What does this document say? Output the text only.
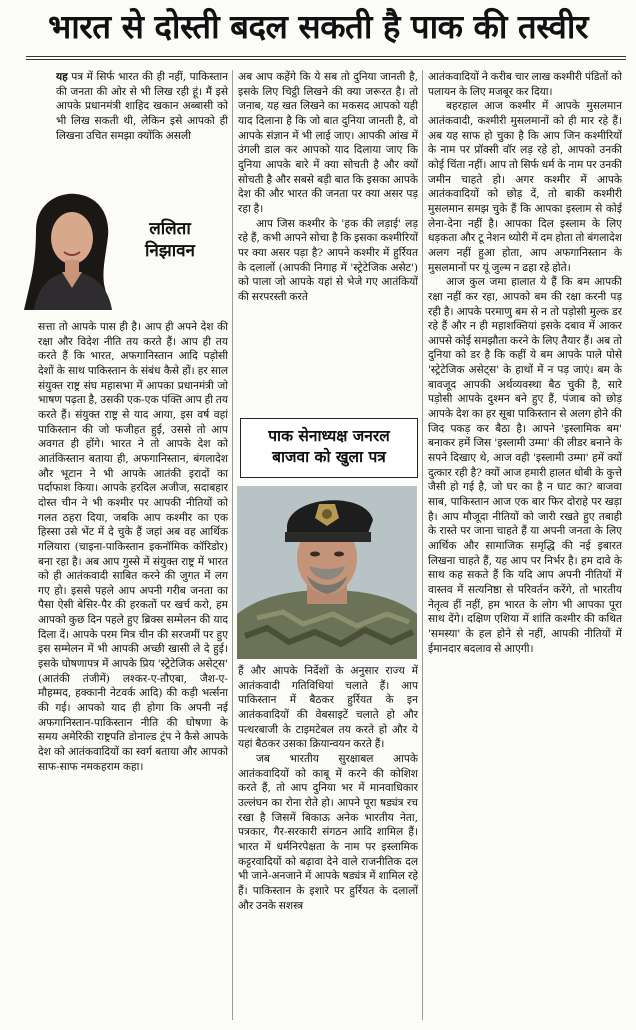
भारत से दोस्ती बदल सकती है पाक की तस्वीर

यह पत्र में सिर्फ भारत की ही नहीं, पाकिस्तान की जनता की ओर से भी लिख रही हूं। मैं इसे आपके प्रधानमंत्री शाहिद खकान अब्बासी को भी लिख सकती थी, लेकिन इसे आपको ही लिखना उचित समझा क्योंकि असली

ललिता
निझावन

सत्ता तो आपके पास ही है। आप ही अपने देश की रक्षा और विदेश नीति तय करते हैं। आप ही तय करते हैं कि भारत, अफगानिस्तान आदि पड़ोसी देशों के साथ पाकिस्तान के संबंध कैसे हों। हर साल संयुक्त राष्ट्र संघ महासभा में आपका प्रधानमंत्री जो भाषण पढ़ता है, उसकी एक-एक पंक्ति आप ही तय करते हैं। संयुक्त राष्ट्र से याद आया, इस वर्ष वहां पाकिस्तान की जो फजीहत हुई, उससे तो आप अवगत ही होंगे। भारत ने तो आपके देश को आतंकिस्तान बताया ही, अफगानिस्तान, बंगलादेश और भूटान ने भी आपके आतंकी इरादों का पर्दाफाश किया। आपके हरदिल अजीज, सदाबहार दोस्त चीन ने भी कश्मीर पर आपकी नीतियों को गलत ठहरा दिया, जबकि आप कश्मीर का एक हिस्सा उसे भेंट में दे चुके हैं जहां अब वह आर्थिक गलियारा (चाइना-पाकिस्तान इकनॉमिक कॉरिडोर) बना रहा है। अब आप गुस्से में संयुक्त राष्ट्र में भारत को ही आतंकवादी साबित करने की जुगत में लग गए हो। इससे पहले आप अपनी गरीब जनता का पैसा ऐसी बेसिर-पैर की हरकतों पर खर्च करो, हम आपको कुछ दिन पहले हुए ब्रिक्स सम्मेलन की याद दिला दें। आपके परम मित्र चीन की सरजमीं पर हुए इस सम्मेलन में भी आपकी अच्छी खासी ले दे हुई। इसके घोषणापत्र में आपके प्रिय 'स्ट्रेटेजिक असेट्स' (आतंकी तंजीमें) लश्कर-ए-तौएबा, जैश-ए-मौहम्मद, हक्कानी नेटवर्क आदि) की कड़ी भर्त्सना की गई। आपको याद ही होगा कि अपनी नई अफगानिस्तान-पाकिस्तान नीति की घोषणा के समय अमेरिकी राष्ट्रपति डोनाल्ड ट्रंप ने कैसे आपके देश को आतंकवादियों का स्वर्ग बताया और आपको साफ-साफ नमकहराम कहा।

अब आप कहेंगे कि ये सब तो दुनिया जानती है, इसके लिए चिट्ठी लिखने की क्या जरूरत है। तो जनाब, यह खत लिखने का मकसद आपको यही याद दिलाना है कि जो बात दुनिया जानती है, वो आपके संज्ञान में भी लाई जाए। आपकी आंख में उंगली डाल कर आपको याद दिलाया जाए कि दुनिया आपके बारे में क्या सोचती है और क्यों सोचती है और सबसे बड़ी बात कि इसका आपके देश की और भारत की जनता पर क्या असर पड़ रहा है।

आप जिस कश्मीर के 'हक की लड़ाई' लड़ रहे हैं, कभी आपने सोचा है कि इसका कश्मीरियों पर क्या असर पड़ा है? आपने कश्मीर में हुर्रियत के दलालों (आपकी निगाह में 'स्ट्रेटेजिक असेट') को पाला जो आपके यहां से भेजे गए आतंकियों की सरपरस्ती करते

पाक सेनाध्यक्ष जनरल
बाजवा को खुला पत्र

हैं और आपके निर्देशों के अनुसार राज्य में आतंकवादी गतिविधियां चलाते हैं। आप पाकिस्तान में बैठकर हुर्रियत के इन आतंकवादियों की वेबसाइटें चलाते हो और पत्थरबाजी के टाइमटेबल तय करते हो और ये यहां बैठकर उसका क्रियान्वयन करते हैं।

जब भारतीय सुरक्षाबल आपके आतंकवादियों को काबू में करने की कोशिश करते हैं, तो आप दुनिया भर में मानवाधिकार उल्लंघन का रोना रोते हो। आपने पूरा षड्यंत्र रच रखा है जिसमें बिकाऊ अनेक भारतीय नेता, पत्रकार, गैर-सरकारी संगठन आदि शामिल हैं। भारत में धर्मनिरपेक्षता के नाम पर इस्लामिक कट्टरवादियों को बढ़ावा देने वाले राजनीतिक दल भी जाने-अनजाने में आपके षड्यंत्र में शामिल रहे हैं। पाकिस्तान के इशारे पर हुर्रियत के दलालों और उनके सशस्त्र

आतंकवादियों ने करीब चार लाख कश्मीरी पंडितों को पलायन के लिए मजबूर कर दिया।

बहरहाल आज कश्मीर में आपके मुसलमान आतंकवादी, कश्मीरी मुसलमानों को ही मार रहे हैं। अब यह साफ हो चुका है कि आप जिन कश्मीरियों के नाम पर प्रॉक्सी वॉर लड़ रहे हो, आपको उनकी कोई चिंता नहीं। आप तो सिर्फ धर्म के नाम पर उनकी जमीन चाहते हो। अगर कश्मीर में आपके आतंकवादियों को छोड़ दें, तो बाकी कश्मीरी मुसलमान समझ चुके हैं कि आपका इस्लाम से कोई लेना-देना नहीं है। आपका दिल इस्लाम के लिए धड़कता और टू नेशन थ्योरी में दम होता तो बंगलादेश अलग नहीं हुआ होता, आप अफगानिस्तान के मुसलमानों पर यूं जुल्म न ढहा रहे होते।

आज कुल जमा हालात ये हैं कि बम आपकी रक्षा नहीं कर रहा, आपको बम की रक्षा करनी पड़ रही है। आपके परमाणु बम से न तो पड़ोसी मुल्क डर रहे हैं और न ही महाशक्तियां इसके दबाव में आकर आपसे कोई समझौता करने के लिए तैयार हैं। अब तो दुनिया को डर है कि कहीं ये बम आपके पाले पोसे 'स्ट्रेटेजिक असेट्स' के हाथों में न पड़ जाएं। बम के बावजूद आपकी अर्थव्यवस्था बैठ चुकी है, सारे पड़ोसी आपके दुश्मन बने हुए हैं, पंजाब को छोड़ आपके देश का हर सूबा पाकिस्तान से अलग होने की जिद पकड़ कर बैठा है। आपने 'इस्लामिक बम' बनाकर हमें जिस 'इस्लामी उम्मा' की लीडर बनाने के सपने दिखाए थे, आज वही 'इस्लामी उम्मा' हमें क्यों दुत्कार रही है? क्यों आज हमारी हालत धोबी के कुत्ते जैसी हो गई है, जो घर का है न घाट का? बाजवा साब, पाकिस्तान आज एक बार फिर दोराहे पर खड़ा है। आप मौजूदा नीतियों को जारी रखते हुए तबाही के रास्ते पर जाना चाहते हैं या अपनी जनता के लिए आर्थिक और सामाजिक समृद्धि की नई इबारत लिखना चाहते हैं, यह आप पर निर्भर है। हम दावे के साथ कह सकते हैं कि यदि आप अपनी नीतियों में वास्तव में सत्यनिष्ठा से परिवर्तन करेंगे, तो भारतीय नेतृत्व हीं नहीं, हम भारत के लोग भी आपका पूरा साथ देंगे। दक्षिण एशिया में शांति कश्मीर की कथित 'समस्या' के हल होने से नहीं, आपकी नीतियों में ईमानदार बदलाव से आएगी।
